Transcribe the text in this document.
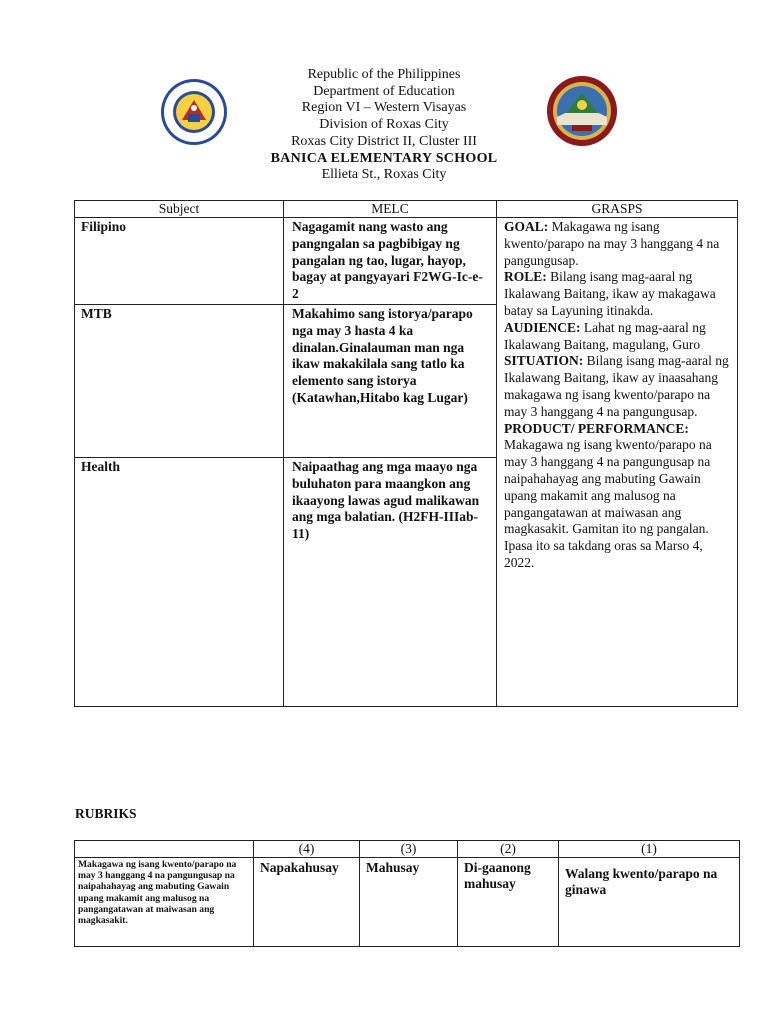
Republic of the Philippines
Department of Education
Region VI – Western Visayas
Division of Roxas City
Roxas City District II, Cluster III
BANICA ELEMENTARY SCHOOL
Ellieta St., Roxas City
Subject	MELC	GRASPS
Filipino	Nagagamit nang wasto ang pangngalan sa pagbibigay ng pangalan ng tao, lugar, hayop, bagay at pangyayari F2WG-Ic-e-2	GOAL: Makagawa ng isang kwento/parapo na may 3 hanggang 4 na pangungusap.
ROLE: Bilang isang mag-aaral ng Ikalawang Baitang, ikaw ay makagawa batay sa Layuning itinakda.
AUDIENCE: Lahat ng mag-aaral ng Ikalawang Baitang, magulang, Guro
SITUATION: Bilang isang mag-aaral ng Ikalawang Baitang, ikaw ay inaasahang makagawa ng isang kwento/parapo na may 3 hanggang 4 na pangungusap.
PRODUCT/ PERFORMANCE: Makagawa ng isang kwento/parapo na may 3 hanggang 4 na pangungusap na naipahahayag ang mabuting Gawain upang makamit ang malusog na pangangatawan at maiwasan ang magkasakit. Gamitan ito ng pangalan. Ipasa ito sa takdang oras sa Marso 4, 2022.
MTB	Makahimo sang istorya/parapo nga may 3 hasta 4 ka dinalan.Ginalauman man nga ikaw makakilala sang tatlo ka elemento sang istorya (Katawhan,Hitabo kag Lugar)	
Health	Naipaathag ang mga maayo nga buluhaton para maangkon ang ikaayong lawas agud malikawan ang mga balatian. (H2FH-IIIab-11)	
RUBRIKS
	(4)	(3)	(2)	(1)
Makagawa ng isang kwento/parapo na may 3 hanggang 4 na pangungusap na naipahahayag ang mabuting Gawain upang makamit ang malusog na pangangatawan at maiwasan ang magkasakit.	Napakahusay	Mahusay	Di-gaanong mahusay	Walang kwento/parapo na ginawa
